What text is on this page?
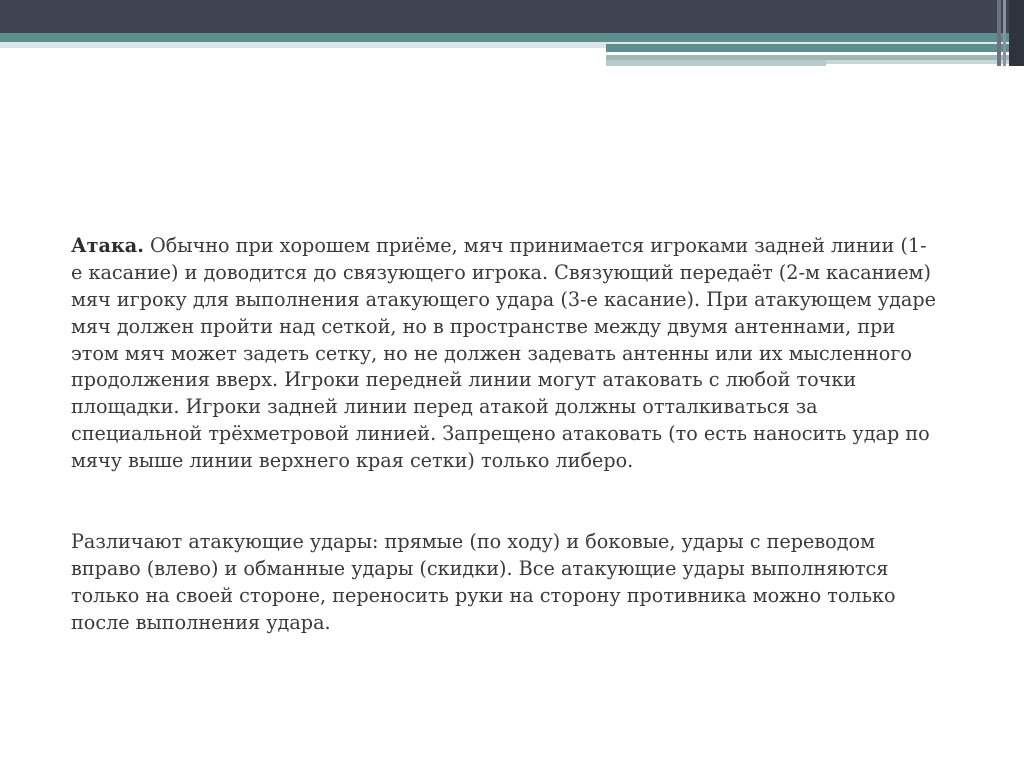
Атака. Обычно при хорошем приёме, мяч принимается игроками задней линии (1-
е касание) и доводится до связующего игрока. Связующий передаёт (2-м касанием)
мяч игроку для выполнения атакующего удара (3-е касание). При атакующем ударе
мяч должен пройти над сеткой, но в пространстве между двумя антеннами, при
этом мяч может задеть сетку, но не должен задевать антенны или их мысленного
продолжения вверх. Игроки передней линии могут атаковать с любой точки
площадки. Игроки задней линии перед атакой должны отталкиваться за
специальной трёхметровой линией. Запрещено атаковать (то есть наносить удар по
мячу выше линии верхнего края сетки) только либеро.

Различают атакующие удары: прямые (по ходу) и боковые, удары с переводом
вправо (влево) и обманные удары (скидки). Все атакующие удары выполняются
только на своей стороне, переносить руки на сторону противника можно только
после выполнения удара.
